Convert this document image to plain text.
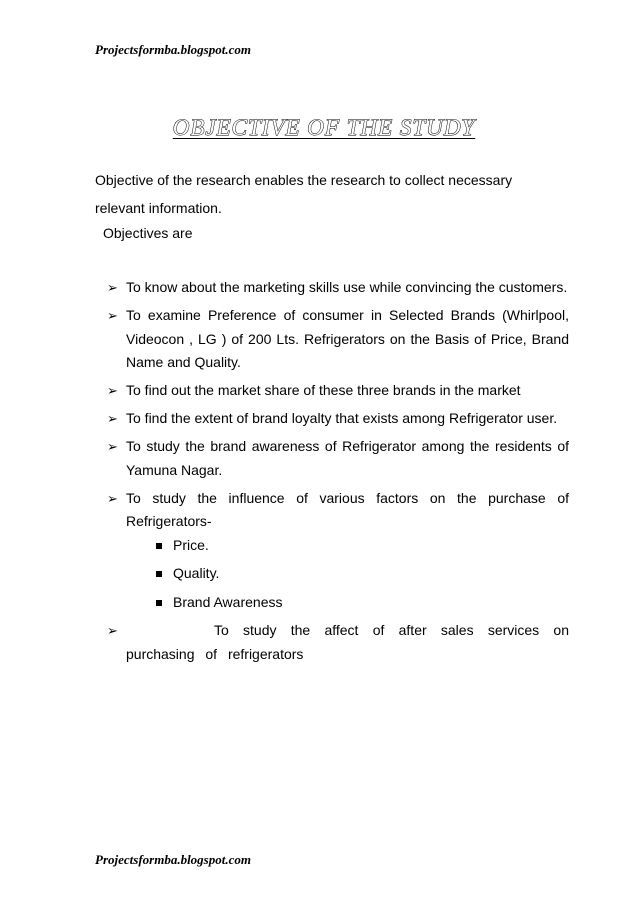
Projectsformba.blogspot.com
OBJECTIVE OF THE STUDY
Objective of the research enables the research to collect necessary
relevant information.
Objectives are
➢ To know about the marketing skills use while convincing the customers.
➢ To examine Preference of consumer in Selected Brands (Whirlpool, Videocon , LG ) of 200 Lts. Refrigerators on the Basis of Price, Brand Name and Quality.
➢ To find out the market share of these three brands in the market
➢ To find the extent of brand loyalty that exists among Refrigerator user.
➢ To study the brand awareness of Refrigerator among the residents of Yamuna Nagar.
➢ To study the influence of various factors on the purchase of Refrigerators-
Price.
Quality.
Brand Awareness
➢	To study the affect of after sales services on purchasing of refrigerators
Projectsformba.blogspot.com
